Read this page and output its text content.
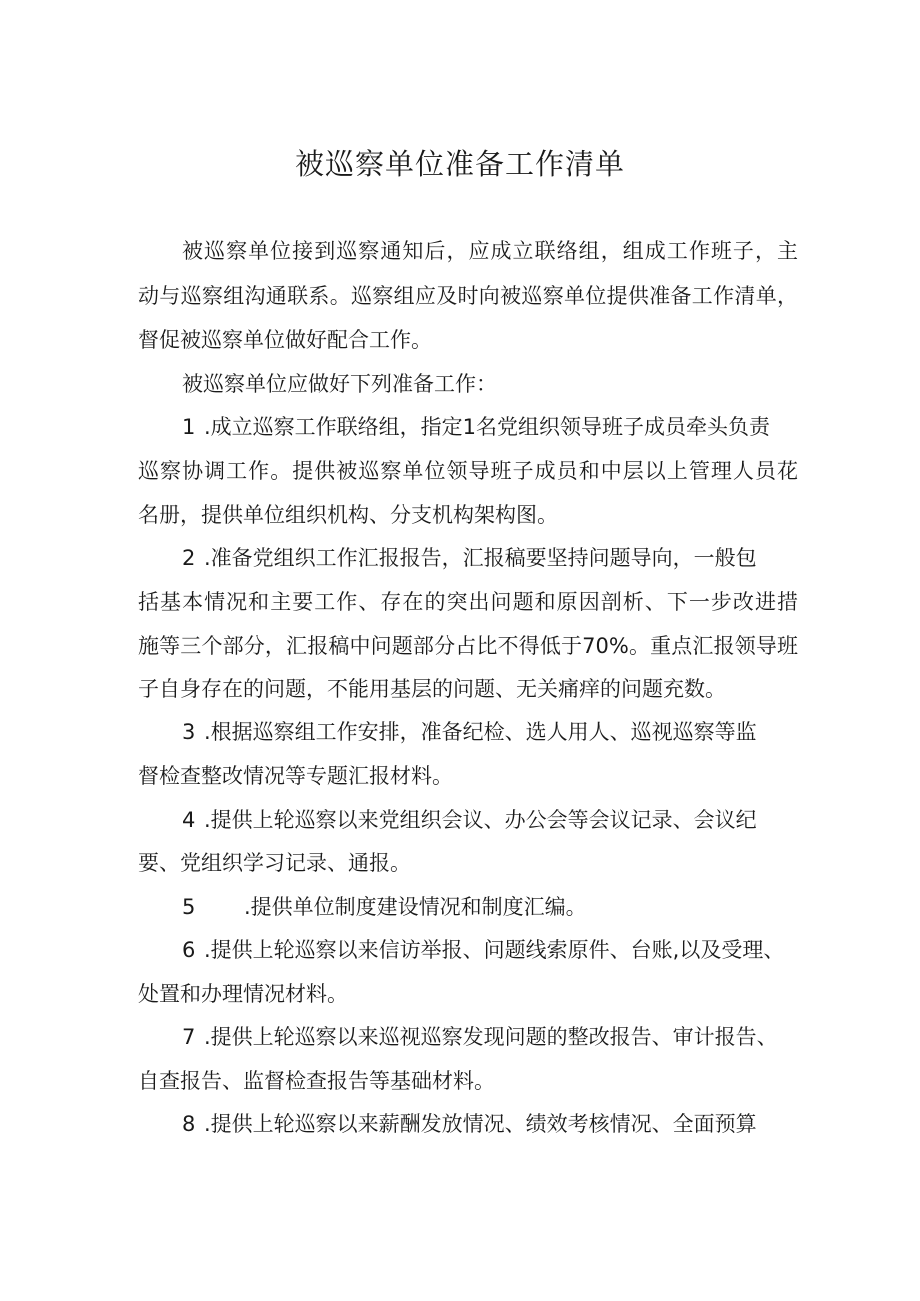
被巡察单位准备工作清单
被巡察单位接到巡察通知后，应成立联络组，组成工作班子，主
动与巡察组沟通联系。巡察组应及时向被巡察单位提供准备工作清单，
督促被巡察单位做好配合工作。
被巡察单位应做好下列准备工作：
1 .成立巡察工作联络组，指定1名党组织领导班子成员牵头负责
巡察协调工作。提供被巡察单位领导班子成员和中层以上管理人员花
名册，提供单位组织机构、分支机构架构图。
2 .准备党组织工作汇报报告，汇报稿要坚持问题导向，一般包
括基本情况和主要工作、存在的突出问题和原因剖析、下一步改进措
施等三个部分，汇报稿中问题部分占比不得低于70%。重点汇报领导班
子自身存在的问题，不能用基层的问题、无关痛痒的问题充数。
3 .根据巡察组工作安排，准备纪检、选人用人、巡视巡察等监
督检查整改情况等专题汇报材料。
4 .提供上轮巡察以来党组织会议、办公会等会议记录、会议纪
要、党组织学习记录、通报。
5 .提供单位制度建设情况和制度汇编。
6 .提供上轮巡察以来信访举报、问题线索原件、台账,以及受理、
处置和办理情况材料。
7 .提供上轮巡察以来巡视巡察发现问题的整改报告、审计报告、
自查报告、监督检查报告等基础材料。
8 .提供上轮巡察以来薪酬发放情况、绩效考核情况、全面预算
